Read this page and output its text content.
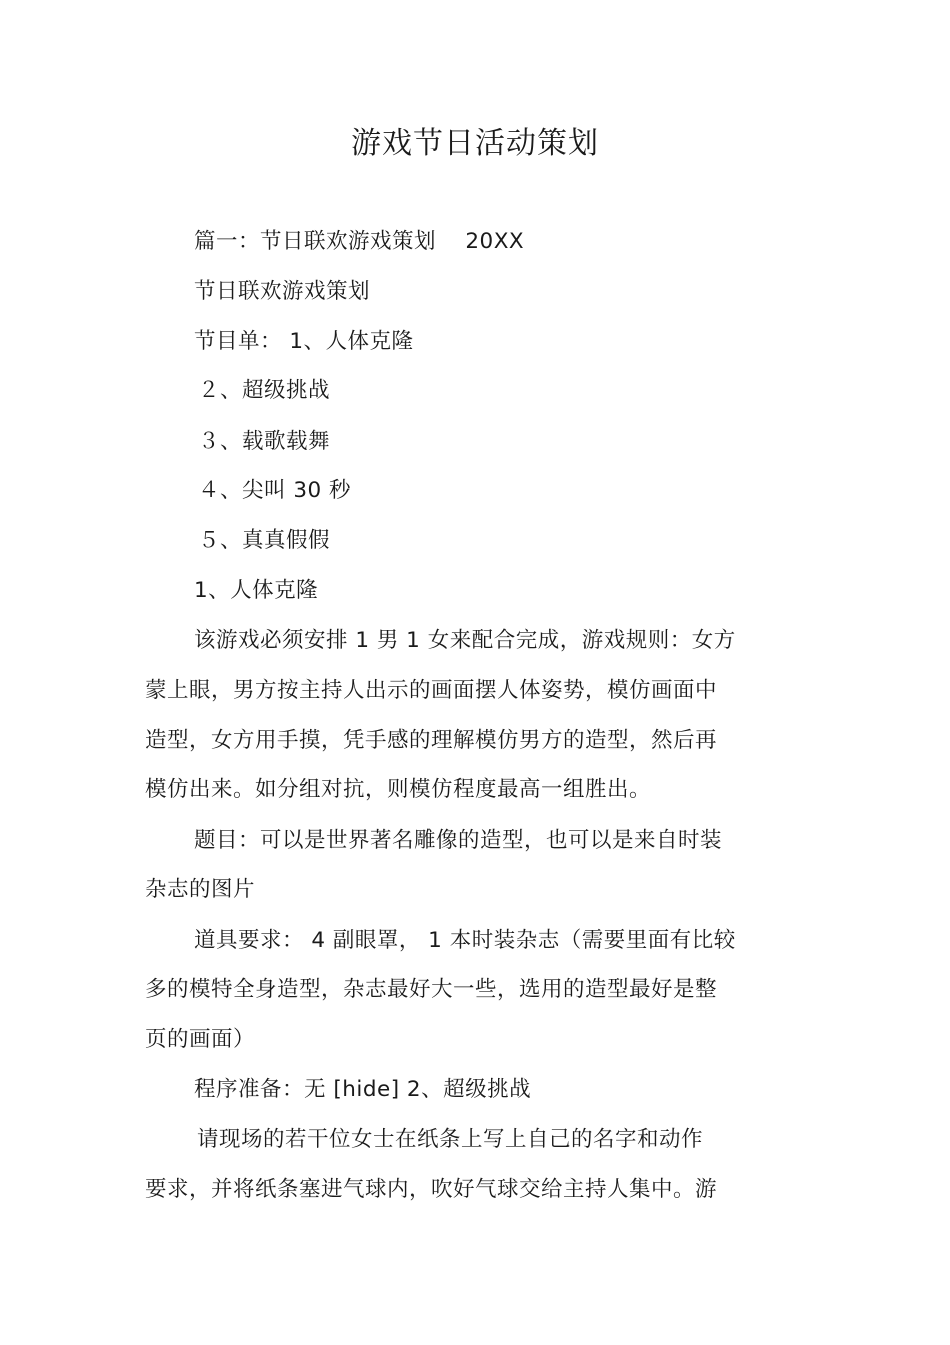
游戏节日活动策划
篇一：节日联欢游戏策划　 20XX
节日联欢游戏策划
节目单： 1、人体克隆
２、超级挑战
３、载歌载舞
４、尖叫 30 秒
５、真真假假
1、人体克隆
该游戏必须安排 1 男 1 女来配合完成，游戏规则：女方
蒙上眼，男方按主持人出示的画面摆人体姿势，模仿画面中
造型，女方用手摸，凭手感的理解模仿男方的造型，然后再
模仿出来。如分组对抗，则模仿程度最高一组胜出。
题目：可以是世界著名雕像的造型，也可以是来自时装
杂志的图片
道具要求： 4 副眼罩， 1 本时装杂志（需要里面有比较
多的模特全身造型，杂志最好大一些，选用的造型最好是整
页的画面）
程序准备：无 [hide] 2、超级挑战
请现场的若干位女士在纸条上写上自己的名字和动作
要求，并将纸条塞进气球内，吹好气球交给主持人集中。游
